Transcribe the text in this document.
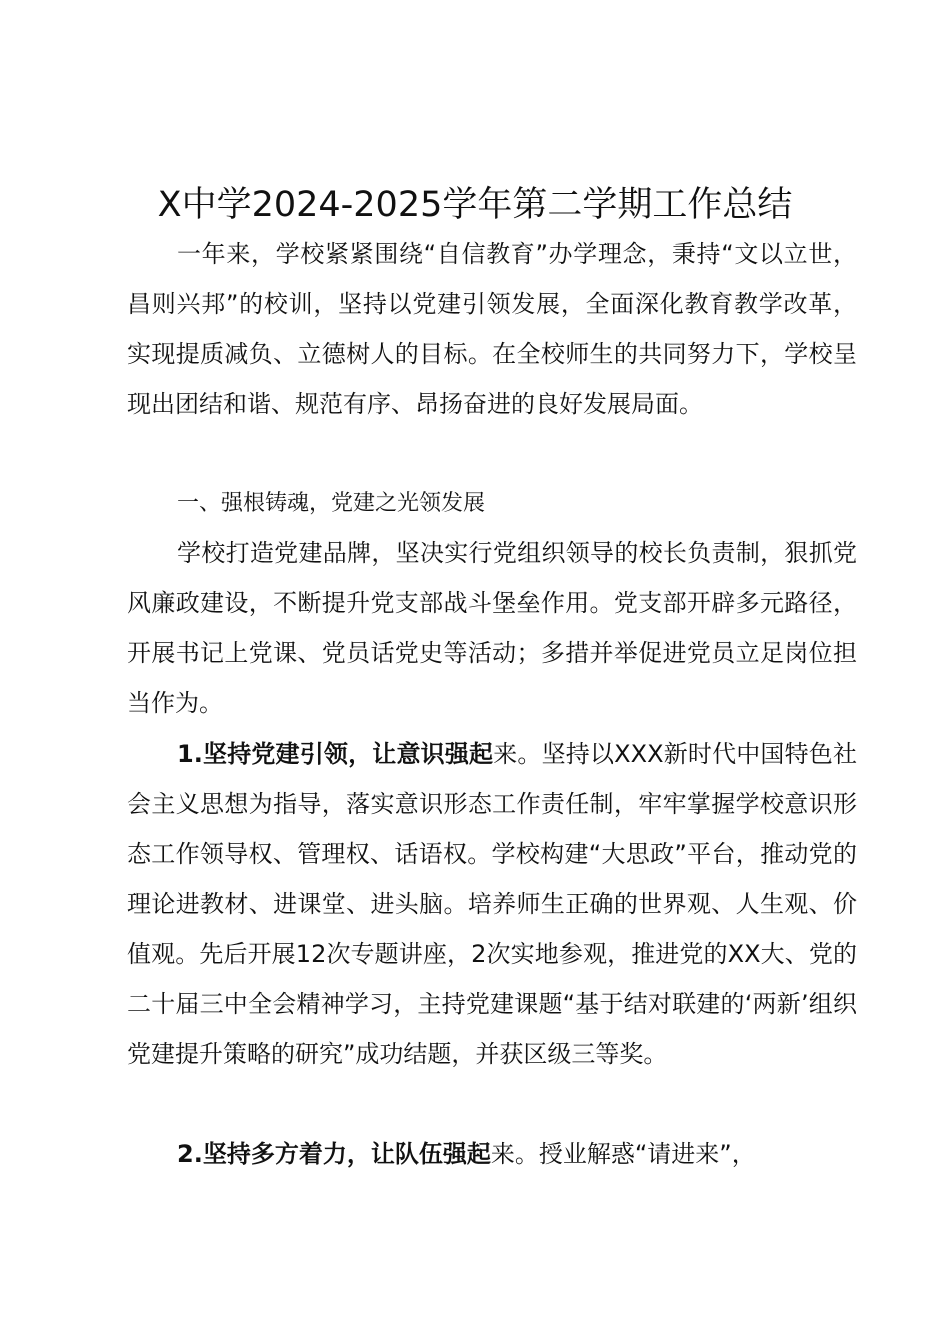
X中学2024-2025学年第二学期工作总结

一年来，学校紧紧围绕“自信教育”办学理念，秉持“文以立世，昌则兴邦”的校训，坚持以党建引领发展，全面深化教育教学改革，实现提质减负、立德树人的目标。在全校师生的共同努力下，学校呈现出团结和谐、规范有序、昂扬奋进的良好发展局面。

一、强根铸魂，党建之光领发展

学校打造党建品牌，坚决实行党组织领导的校长负责制，狠抓党风廉政建设，不断提升党支部战斗堡垒作用。党支部开辟多元路径，开展书记上党课、党员话党史等活动；多措并举促进党员立足岗位担当作为。

1.坚持党建引领，让意识强起来。坚持以XXX新时代中国特色社会主义思想为指导，落实意识形态工作责任制，牢牢掌握学校意识形态工作领导权、管理权、话语权。学校构建“大思政”平台，推动党的理论进教材、进课堂、进头脑。培养师生正确的世界观、人生观、价值观。先后开展12次专题讲座，2次实地参观，推进党的XX大、党的二十届三中全会精神学习，主持党建课题“基于结对联建的‘两新’组织党建提升策略的研究”成功结题，并获区级三等奖。

2.坚持多方着力，让队伍强起来。授业解惑“请进来”，
